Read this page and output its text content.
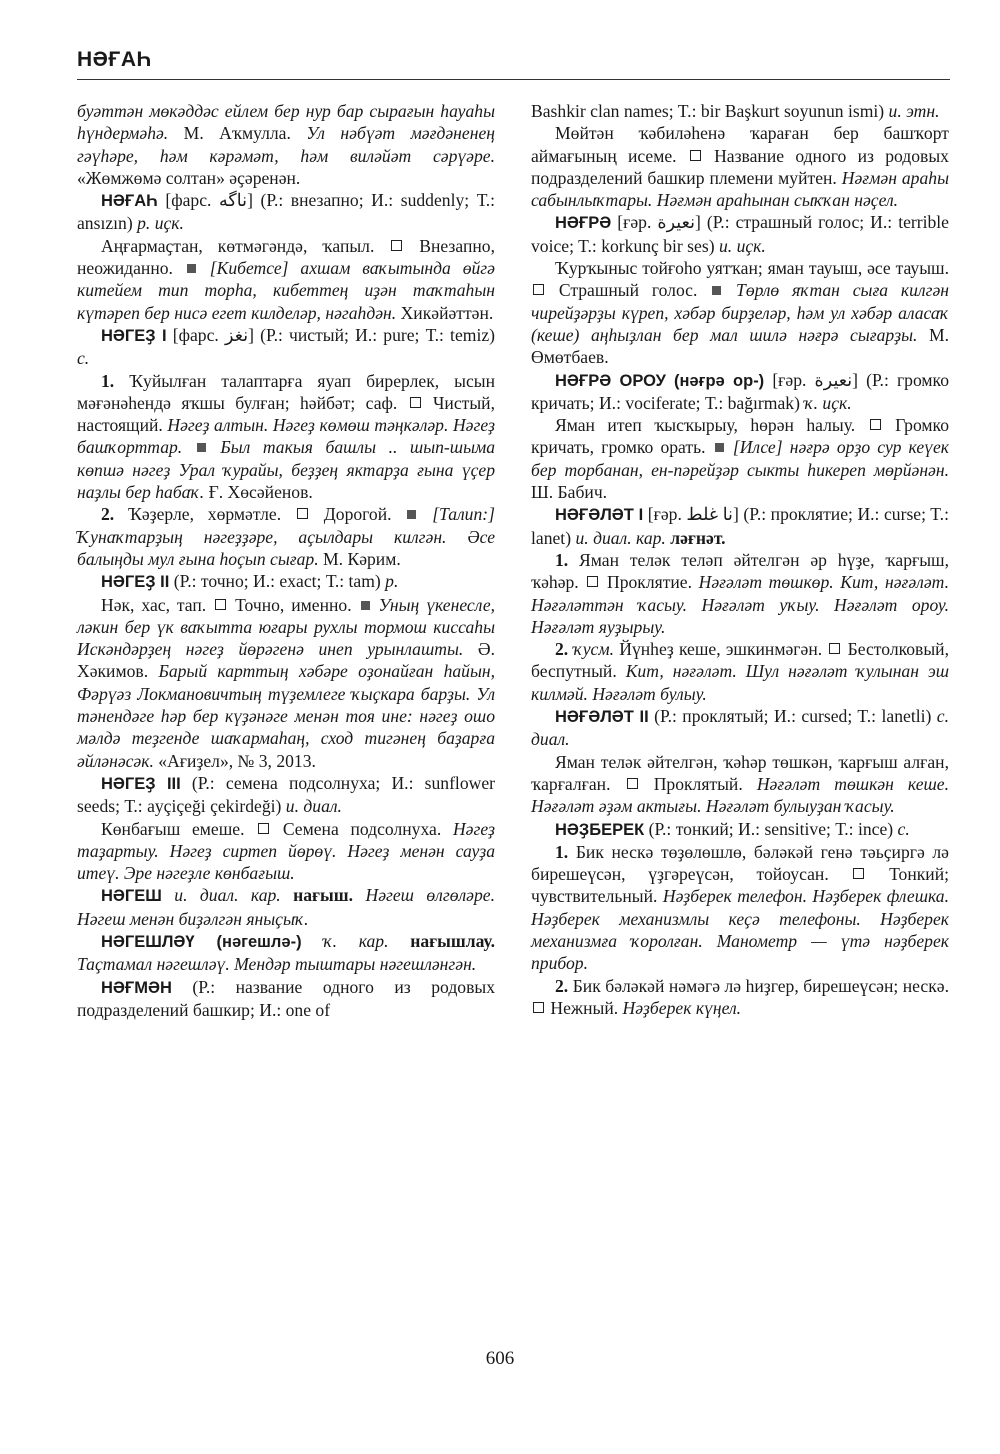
НӘҒАҺ

буәттән мөкәддәс ейлем бер нур бар сырағын һауаһы һүндермәһә. М. Аҡмулла. Ул нәбүәт мәғдәненең гәүһәре, һәм кәрәмәт, һәм виләйәт сәрүәре. «Жөмжөмә солтан» әҫәренән.

НӘҒАҺ [фарс. ناگه] (Р.: внезапно; И.: suddenly; Т.: ansızın) р. иҫк.

Аңғармаҫтан, көтмәгәндә, ҡапыл.	Внезапно, неожиданно. [Кибетсе] ахшам ваҡытында өйгә китейем тип торһа, кибеттең иҙән таҡтаһын күтәреп бер нисә егет килделәр, нәгаһдән. Хикәйәттән.

НӘГЕҘ I [фарс. نغز] (Р.: чистый; И.: pure; Т.: temiz) с.

1. Ҡуйылған талаптарға яуап бирерлек, ысын мәғәнәһендә яҡшы булған; һәйбәт; саф. Чистый, настоящий. Нәгеҙ алтын. Нәгеҙ көмөш тәңкәләр. Нәгеҙ башҡорттар. Был такыя башлы .. шып-шыма көпшә нәгеҙ Урал ҡурайы, беҙҙең яктарҙа ғына үҫер наҙлы бер һабаҡ. Ғ. Хөсәйенов.

2. Ҡәҙерле, хөрмәтле. Дорогой. [Талип:] Ҡунаҡтарҙың нәгеҙҙәре, аҫылдары килгән. Әсе балыңды мул ғына һоҫып сығар. М. Кәрим.

НӘГЕҘ II (Р.: точно; И.: exact; Т.: tam) р.

Нәк, хас, тап. Точно, именно. Уның үкенесле, ләкин бер үк ваҡытта юғары рухлы тормош киссаһы Искәндәрҙең нәгеҙ йөрәгенә инеп урынлашты. Ә. Хәкимов. Барый карттың хәбәре оҙонайған һайын, Фәрүәз Локмановичтың түҙемлеге ҡыҫкара барҙы. Ул тәнендәге һәр бер күҙәнәге менән тоя ине: нәгеҙ ошо мәлдә теҙгенде шаҡармаһаң, сход тигәнең баҙарға әйләнәсәк. «Ағиҙел», № 3, 2013.

НӘГЕҘ III (Р.: семена подсолнуха; И.: sunflower seeds; Т.: ayçiçeği çekirdeği) и. диал.

Көнбағыш емеше. Семена подсолнуха. Нәгеҙ таҙартыу. Нәгеҙ сиртеп йөрөү. Нәгеҙ менән сауҙа итеү. Эре нәгеҙле көнбағыш.

НӘГЕШ и. диал. кар. нағыш. Нәгеш өлгөләре. Нәгеш менән биҙәлгән яныҫыҡ.

НӘГЕШЛӘҮ (нәгешлә-) ҡ. кар. нағышлау. Таҫтамал нәгешләү. Мендәр тыштары нәгешләнгән.

НӘҒМӘН (Р.: название одного из родовых подразделений башкир; И.: one of

Bashkir clan names; T.: bir Başkurt soyunun ismi) и. этн.

Мөйтән ҡәбиләһенә ҡараған бер башҡорт аймағының исеме. Название одного из родовых подразделений башкир племени муйтен. Нәғмән араһы сабынлыҡтары. Нәғмән араһынан сыҡҡан нәҫел.

НӘҒРӘ [ғәр. نعيرة] (Р.: страшный голос; И.: terrible voice; T.: korkunç bir ses) и. иҫк.

Ҡурҡыныс тойғоһо уятҡан; яман тауыш, әсе тауыш.  Страшный голос. Төрлө яҡтан сыға килгән чирейҙәрҙы күреп, хәбәр бирҙеләр, һәм ул хәбәр аласаҡ (кеше) аңһыҙлан бер мал шилә нәғрә сығарҙы. М. Өмөтбаев.

НӘҒРӘ ОРОУ (нәғрә ор-) [ғәр. نعيرة] (Р.: громко кричать; И.: vociferate; Т.: bağırmak) ҡ. иҫк.

Яман итеп ҡысҡырыу, һөрән һалыу. Громко кричать, громко орать. [Илсе] нәғрә орҙо сур кеүек бер торбанан, ен-пәрейҙәр сыкты һикереп мөрйәнән. Ш. Бабич.

НӘҒӘЛӘТ I [ғәр. نا غلط] (Р.: проклятие; И.: curse; T.: lanet) и. диал. кар. ләғнәт.

1. Яман теләк теләп әйтелгән әр һүҙе, ҡарғыш, ҡәһәр. Проклятие. Нәғәләт төшкөр. Кит, нәғәләт. Нәғәләттән ҡасыу. Нәғәләт уҡыу. Нәғәләт ороу. Нәғәләт яуҙырыу.

2. ҡусм. Йүнһеҙ кеше, эшкинмәгән. Бестолковый, беспутный. Кит, нәғәләт. Шул нәғәләт ҡулынан эш килмәй. Нәғәләт булыу.

НӘҒӘЛӘТ II (Р.: проклятый; И.: cursed; T.: lanetli) с. диал.

Яман теләк әйтелгән, ҡәһәр төшкән, ҡарғыш алған, ҡарғалған. Проклятый. Нәғәләт төшкән кеше. Нәғәләт әҙәм актығы. Нәғәләт булыуҙан ҡасыу.

НӘҘБЕРЕК (Р.: тонкий; И.: sensitive; Т.: ince) с.

1. Бик нескә төҙөлөшлө, бәләкәй генә тәьҫиргә лә бирешеүсән, үҙгәреүсән, тойоусан.	Тонкий; чувствительный. Нәҙберек телефон. Нәҙберек флешка. Нәҙберек механизмлы кеҫә телефоны. Нәҙберек механизмға ҡоролған. Манометр — үтә нәҙберек прибор.

2. Бик бәләкәй нәмәгә лә һиҙгер, бирешеүсән; нескә.  Нежный. Нәҙберек күңел.

606
